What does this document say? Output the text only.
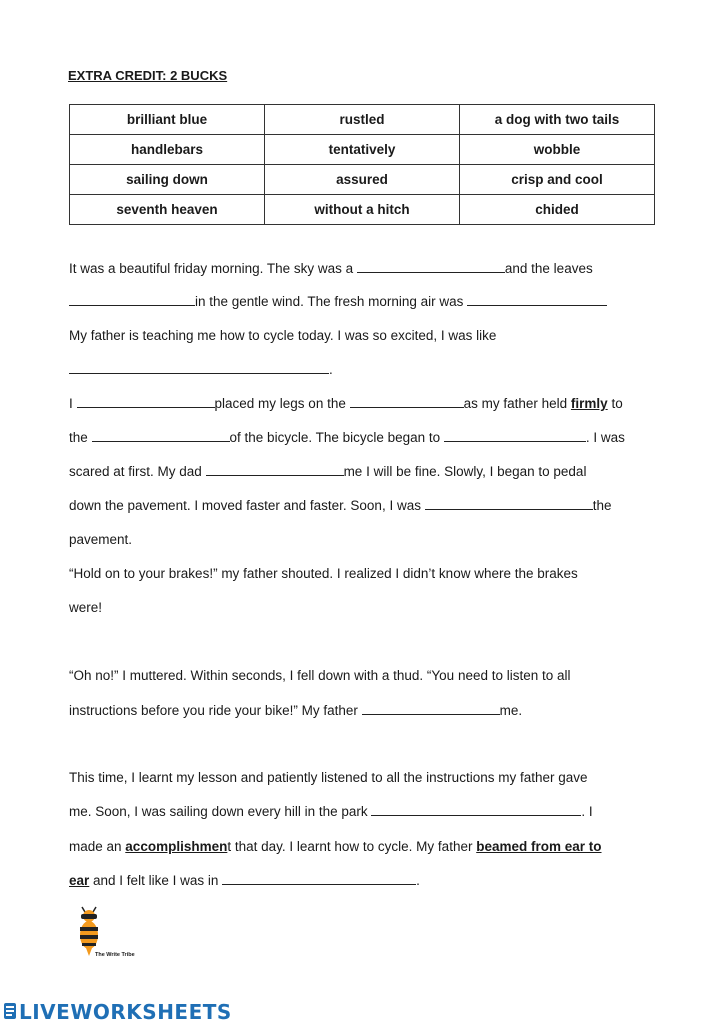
EXTRA CREDIT: 2 BUCKS
brilliant blue	rustled	a dog with two tails
handlebars	tentatively	wobble
sailing down	assured	crisp and cool
seventh heaven	without a hitch	chided
It was a beautiful friday morning. The sky was a	and the leaves
in the gentle wind. The fresh morning air was
My father is teaching me how to cycle today. I was so excited, I was like
.
I	placed my legs on the	as my father held firmly to
the	of the bicycle. The bicycle began to	. I was
scared at first. My dad	me I will be fine. Slowly, I began to pedal
down the pavement. I moved faster and faster. Soon, I was	the
pavement.
“Hold on to your brakes!” my father shouted. I realized I didn’t know where the brakes
were!
“Oh no!” I muttered. Within seconds, I fell down with a thud. “You need to listen to all
instructions before you ride your bike!” My father	me.
This time, I learnt my lesson and patiently listened to all the instructions my father gave
me. Soon, I was sailing down every hill in the park	. I
made an accomplishment that day. I learnt how to cycle. My father beamed from ear to
ear and I felt like I was in	.
The Write Tribe
LIVEWORKSHEETS
